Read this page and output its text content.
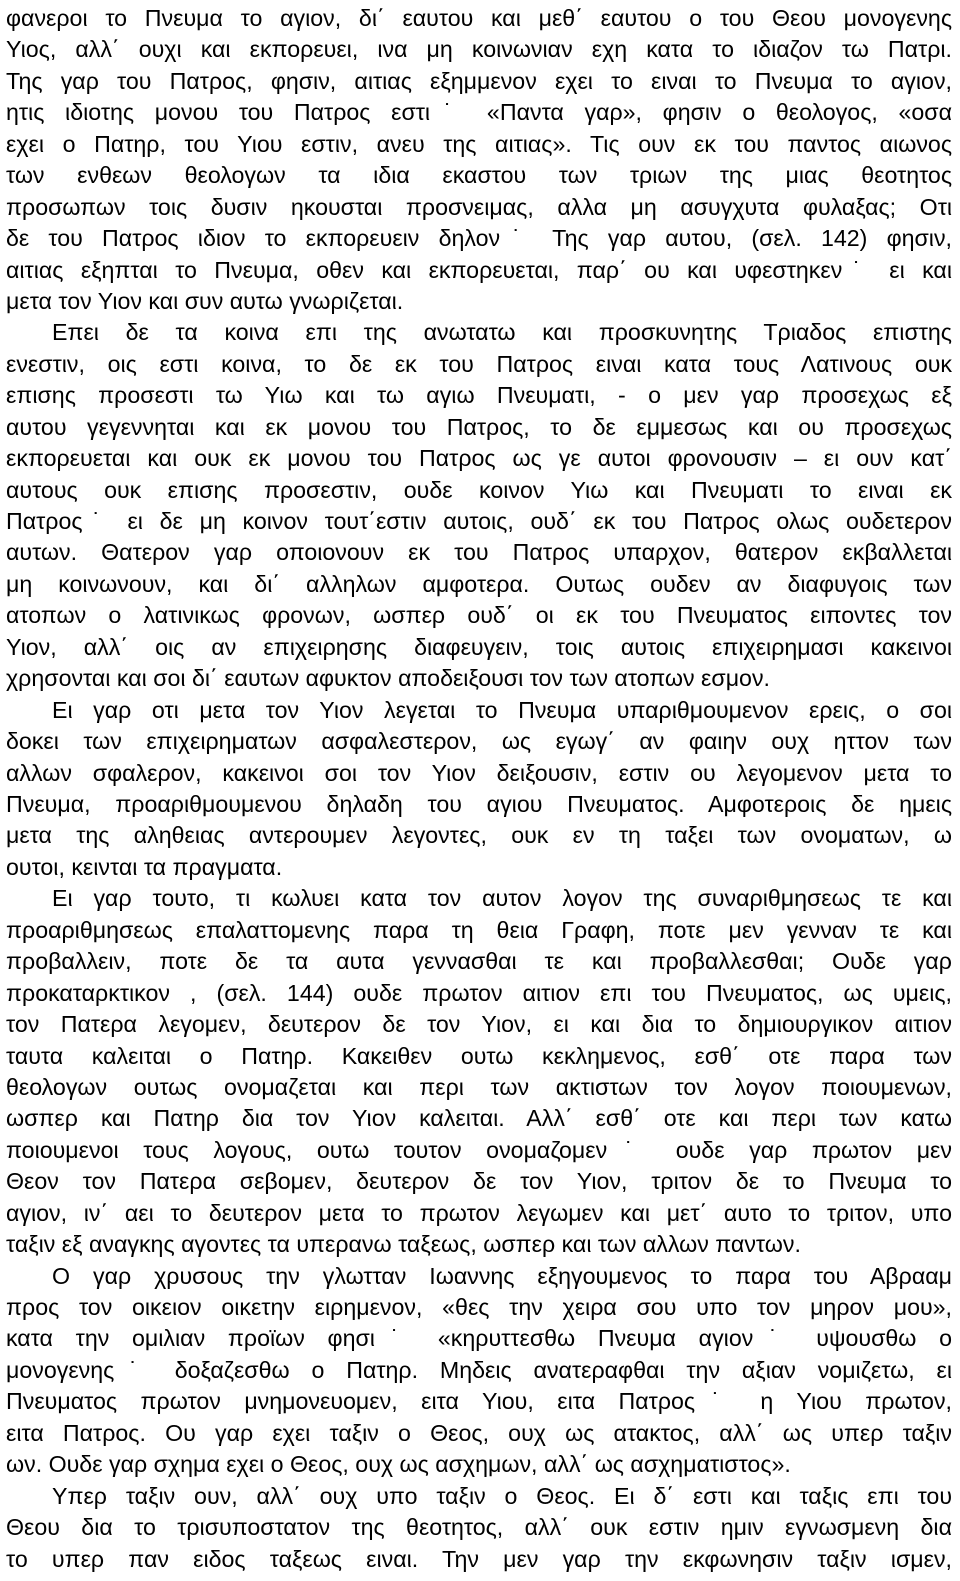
φανεροι το Πνευμα το αγιον, δι΄ εαυτου και μεθ΄ εαυτου ο του Θεου μονογενης
Υιος, αλλ΄ ουχι και εκπορευει, ινα μη κοινωνιαν εχη κατα το ιδιαζον τω Πατρι.
Της γαρ του Πατρος, φησιν, αιτιας εξημμενον εχει το ειναι το Πνευμα το αγιον,
ητις ιδιοτης μονου του Πατρος εστι˙ «Παντα γαρ», φησιν ο θεολογος, «οσα
εχει ο Πατηρ, του Υιου εστιν, ανευ της αιτιας». Τις ουν εκ του παντος αιωνος
των ενθεων θεολογων τα ιδια εκαστου των τριων της μιας θεοτητος
προσωπων τοις δυσιν ηκουσται προσνειμας, αλλα μη ασυγχυτα φυλαξας; Οτι
δε του Πατρος ιδιον το εκπορευειν δηλον˙ Της γαρ αυτου, (σελ. 142) φησιν,
αιτιας εξηπται το Πνευμα, οθεν και εκπορευεται, παρ΄ ου και υφεστηκεν˙ ει και
μετα τον Υιον και συν αυτω γνωριζεται.
Επει δε τα κοινα επι της ανωτατω και προσκυνητης Τριαδος επιστης
ενεστιν, οις εστι κοινα, το δε εκ του Πατρος ειναι κατα τους Λατινους ουκ
επισης προσεστι τω Υιω και τω αγιω Πνευματι, - ο μεν γαρ προσεχως εξ
αυτου γεγεννηται και εκ μονου του Πατρος, το δε εμμεσως και ου προσεχως
εκπορευεται και ουκ εκ μονου του Πατρος ως γε αυτοι φρονουσιν – ει ουν κατ΄
αυτους ουκ επισης προσεστιν, ουδε κοινον Υιω και Πνευματι το ειναι εκ
Πατρος˙ ει δε μη κοινον τουτ΄εστιν αυτοις, ουδ΄ εκ του Πατρος ολως ουδετερον
αυτων. Θατερον γαρ οποιονουν εκ του Πατρος υπαρχον, θατερον εκβαλλεται
μη κοινωνουν, και δι΄ αλληλων αμφοτερα. Ουτως ουδεν αν διαφυγοις των
ατοπων ο λατινικως φρονων, ωσπερ ουδ΄ οι εκ του Πνευματος ειποντες τον
Υιον, αλλ΄ οις αν επιχειρησης διαφευγειν, τοις αυτοις επιχειρημασι κακεινοι
χρησονται και σοι δι΄ εαυτων αφυκτον αποδειξουσι τον των ατοπων εσμον.
Ει γαρ οτι μετα τον Υιον λεγεται το Πνευμα υπαριθμουμενον ερεις, ο σοι
δοκει των επιχειρηματων ασφαλεστερον, ως εγωγ΄ αν φαιην ουχ ηττον των
αλλων σφαλερον, κακεινοι σοι τον Υιον δειξουσιν, εστιν ου λεγομενον μετα το
Πνευμα, προαριθμουμενου δηλαδη του αγιου Πνευματος. Αμφοτεροις δε ημεις
μετα της αληθειας αντερουμεν λεγοντες, ουκ εν τη ταξει των ονοματων, ω
ουτοι, κεινται τα πραγματα.
Ει γαρ τουτο, τι κωλυει κατα τον αυτον λογον της συναριθμησεως τε και
προαριθμησεως επαλαττομενης παρα τη θεια Γραφη, ποτε μεν γενναν τε και
προβαλλειν, ποτε δε τα αυτα γεννασθαι τε και προβαλλεσθαι; Ουδε γαρ
προκαταρκτικον , (σελ. 144) ουδε πρωτον αιτιον επι του Πνευματος, ως υμεις,
τον Πατερα λεγομεν, δευτερον δε τον Υιον, ει και δια το δημιουργικον αιτιον
ταυτα καλειται ο Πατηρ. Κακειθεν ουτω κεκλημενος, εσθ΄ οτε παρα των
θεολογων ουτως ονομαζεται και περι των ακτιστων τον λογον ποιουμενων,
ωσπερ και Πατηρ δια τον Υιον καλειται. Αλλ΄ εσθ΄ οτε και περι των κατω
ποιουμενοι τους λογους, ουτω τουτον ονομαζομεν˙ ουδε γαρ πρωτον μεν
Θεον τον Πατερα σεβομεν, δευτερον δε τον Υιον, τριτον δε το Πνευμα το
αγιον, ιν΄ αει το δευτερον μετα το πρωτον λεγωμεν και μετ΄ αυτο το τριτον, υπο
ταξιν εξ αναγκης αγοντες τα υπερανω ταξεως, ωσπερ και των αλλων παντων.
Ο γαρ χρυσους την γλωτταν Ιωαννης εξηγουμενος το παρα του Αβρααμ
προς τον οικειον οικετην ειρημενον, «θες την χειρα σου υπο τον μηρον μου»,
κατα την ομιλιαν προϊων φησι˙ «κηρυττεσθω Πνευμα αγιον˙ υψουσθω ο
μονογενης˙ δοξαζεσθω ο Πατηρ. Μηδεις ανατεραφθαι την αξιαν νομιζετω, ει
Πνευματος πρωτον μνημονευομεν, ειτα Υιου, ειτα Πατρος˙ η Υιου πρωτον,
ειτα Πατρος. Ου γαρ εχει ταξιν ο Θεος, ουχ ως ατακτος, αλλ΄ ως υπερ ταξιν
ων. Ουδε γαρ σχημα εχει ο Θεος, ουχ ως ασχημων, αλλ΄ ως ασχηματιστος».
Υπερ ταξιν ουν, αλλ΄ ουχ υπο ταξιν ο Θεος. Ει δ΄ εστι και ταξις επι του
Θεου δια το τρισυποστατον της θεοτητος, αλλ΄ ουκ εστιν ημιν εγνωσμενη δια
το υπερ παν ειδος ταξεως ειναι. Την μεν γαρ την εκφωνησιν ταξιν ισμεν,
